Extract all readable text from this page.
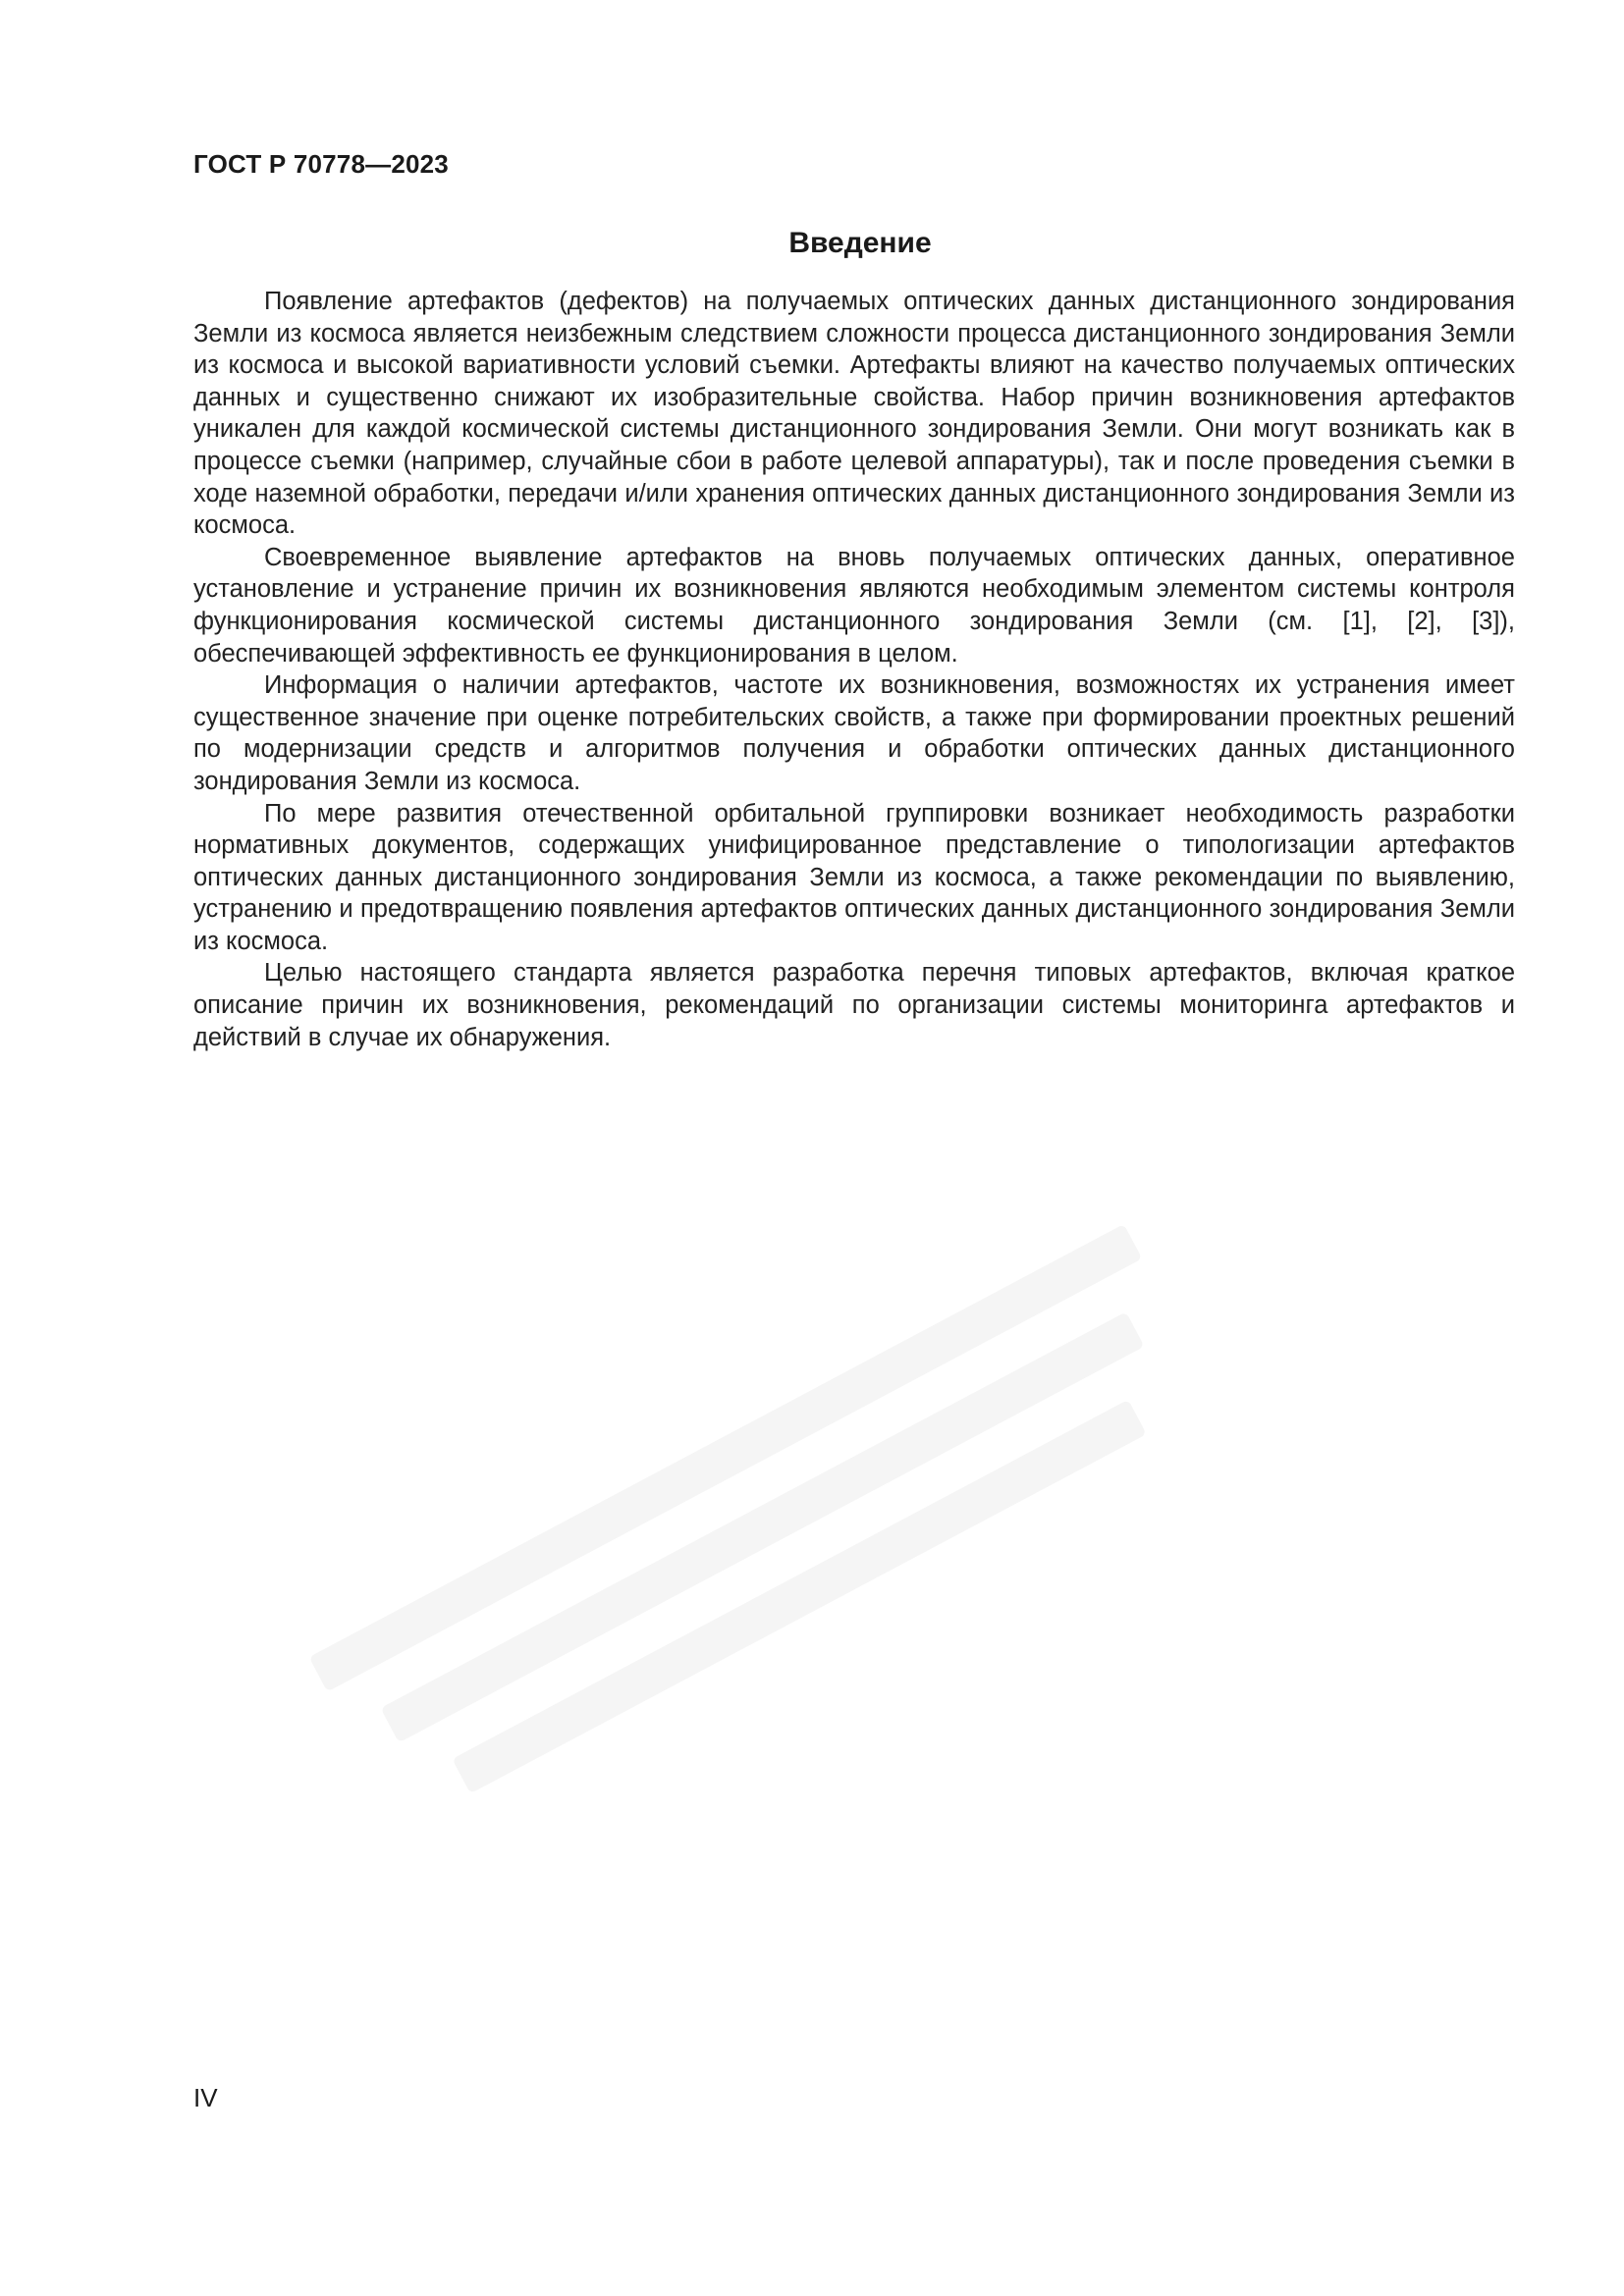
ГОСТ Р 70778—2023
Введение

Появление артефактов (дефектов) на получаемых оптических данных дистанционного зондирования Земли из космоса является неизбежным следствием сложности процесса дистанционного зондирования Земли из космоса и высокой вариативности условий съемки. Артефакты влияют на качество получаемых оптических данных и существенно снижают их изобразительные свойства. Набор причин возникновения артефактов уникален для каждой космической системы дистанционного зондирования Земли. Они могут возникать как в процессе съемки (например, случайные сбои в работе целевой аппаратуры), так и после проведения съемки в ходе наземной обработки, передачи и/или хранения оптических данных дистанционного зондирования Земли из космоса.

Своевременное выявление артефактов на вновь получаемых оптических данных, оперативное установление и устранение причин их возникновения являются необходимым элементом системы контроля функционирования космической системы дистанционного зондирования Земли (см. [1], [2], [3]), обеспечивающей эффективность ее функционирования в целом.

Информация о наличии артефактов, частоте их возникновения, возможностях их устранения имеет существенное значение при оценке потребительских свойств, а также при формировании проектных решений по модернизации средств и алгоритмов получения и обработки оптических данных дистанционного зондирования Земли из космоса.

По мере развития отечественной орбитальной группировки возникает необходимость разработки нормативных документов, содержащих унифицированное представление о типологизации артефактов оптических данных дистанционного зондирования Земли из космоса, а также рекомендации по выявлению, устранению и предотвращению появления артефактов оптических данных дистанционного зондирования Земли из космоса.

Целью настоящего стандарта является разработка перечня типовых артефактов, включая краткое описание причин их возникновения, рекомендаций по организации системы мониторинга артефактов и действий в случае их обнаружения.

IV
